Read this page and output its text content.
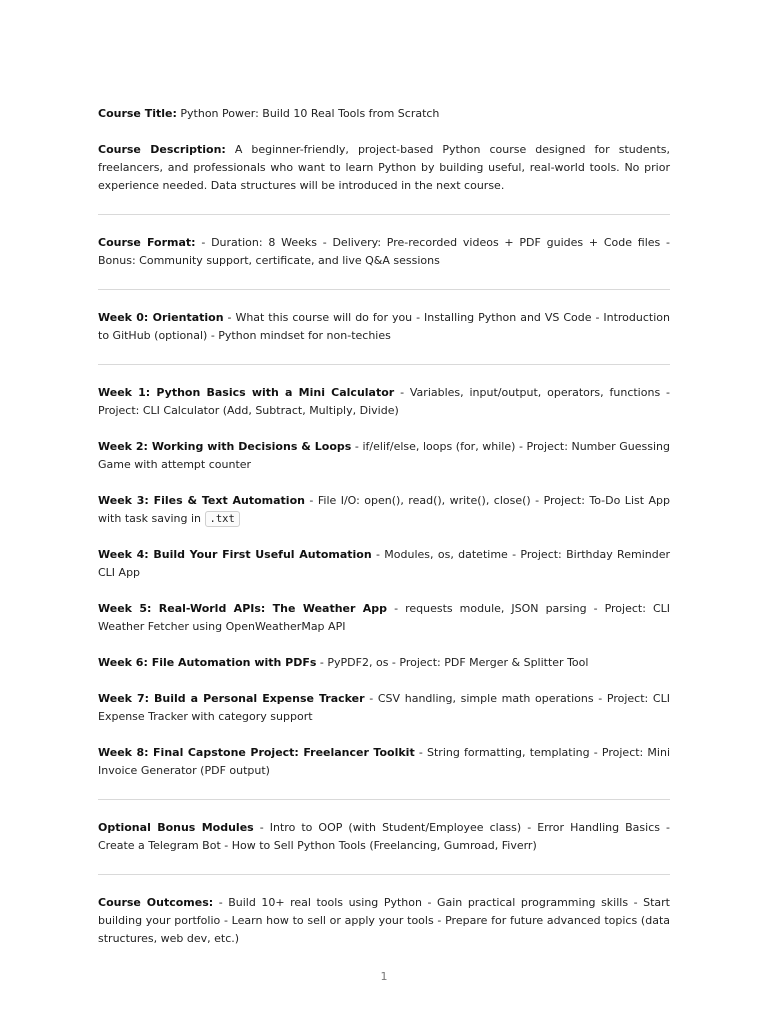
Course Title: Python Power: Build 10 Real Tools from Scratch

Course Description: A beginner-friendly, project-based Python course designed for students, freelancers, and professionals who want to learn Python by building useful, real-world tools. No prior experience needed. Data structures will be introduced in the next course.

Course Format: - Duration: 8 Weeks - Delivery: Pre-recorded videos + PDF guides + Code files - Bonus: Community support, certificate, and live Q&A sessions

Week 0: Orientation - What this course will do for you - Installing Python and VS Code - Introduction to GitHub (optional) - Python mindset for non-techies

Week 1: Python Basics with a Mini Calculator - Variables, input/output, operators, functions - Project: CLI Calculator (Add, Subtract, Multiply, Divide)

Week 2: Working with Decisions & Loops - if/elif/else, loops (for, while) - Project: Number Guessing Game with attempt counter

Week 3: Files & Text Automation - File I/O: open(), read(), write(), close() - Project: To-Do List App with task saving in .txt

Week 4: Build Your First Useful Automation - Modules, os, datetime - Project: Birthday Reminder CLI App

Week 5: Real-World APIs: The Weather App - requests module, JSON parsing - Project: CLI Weather Fetcher using OpenWeatherMap API

Week 6: File Automation with PDFs - PyPDF2, os - Project: PDF Merger & Splitter Tool

Week 7: Build a Personal Expense Tracker - CSV handling, simple math operations - Project: CLI Expense Tracker with category support

Week 8: Final Capstone Project: Freelancer Toolkit - String formatting, templating - Project: Mini Invoice Generator (PDF output)

Optional Bonus Modules - Intro to OOP (with Student/Employee class) - Error Handling Basics - Create a Telegram Bot - How to Sell Python Tools (Freelancing, Gumroad, Fiverr)

Course Outcomes: - Build 10+ real tools using Python - Gain practical programming skills - Start building your portfolio - Learn how to sell or apply your tools - Prepare for future advanced topics (data structures, web dev, etc.)

1
